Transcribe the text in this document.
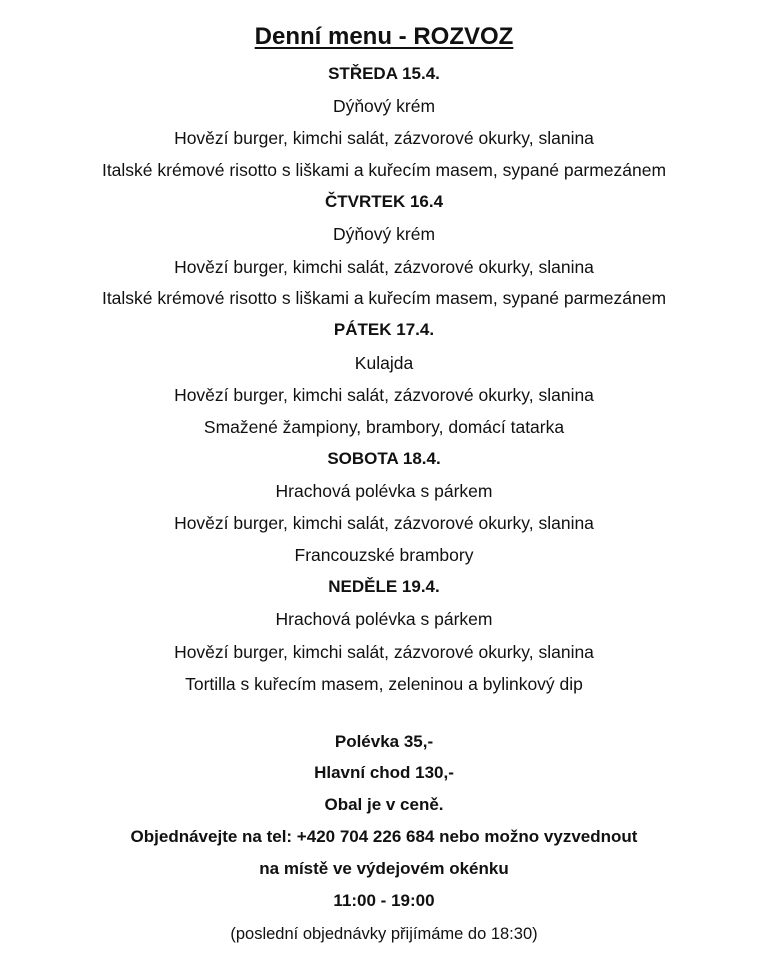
Denní menu - ROZVOZ
STŘEDA 15.4.
Dýňový krém
Hovězí burger, kimchi salát, zázvorové okurky, slanina
Italské krémové risotto s liškami a kuřecím masem, sypané parmezánem
ČTVRTEK 16.4
Dýňový krém
Hovězí burger, kimchi salát, zázvorové okurky, slanina
Italské krémové risotto s liškami a kuřecím masem, sypané parmezánem
PÁTEK 17.4.
Kulajda
Hovězí burger, kimchi salát, zázvorové okurky, slanina
Smažené žampiony, brambory, domácí tatarka
SOBOTA 18.4.
Hrachová polévka s párkem
Hovězí burger, kimchi salát, zázvorové okurky, slanina
Francouzské brambory
NEDĚLE 19.4.
Hrachová polévka s párkem
Hovězí burger, kimchi salát, zázvorové okurky, slanina
Tortilla s kuřecím masem, zeleninou a bylinkový dip
Polévka 35,-
Hlavní chod 130,-
Obal je v ceně.
Objednávejte na tel: +420 704 226 684 nebo možno vyzvednout
na místě ve výdejovém okénku
11:00 - 19:00
(poslední objednávky přijímáme do 18:30)
